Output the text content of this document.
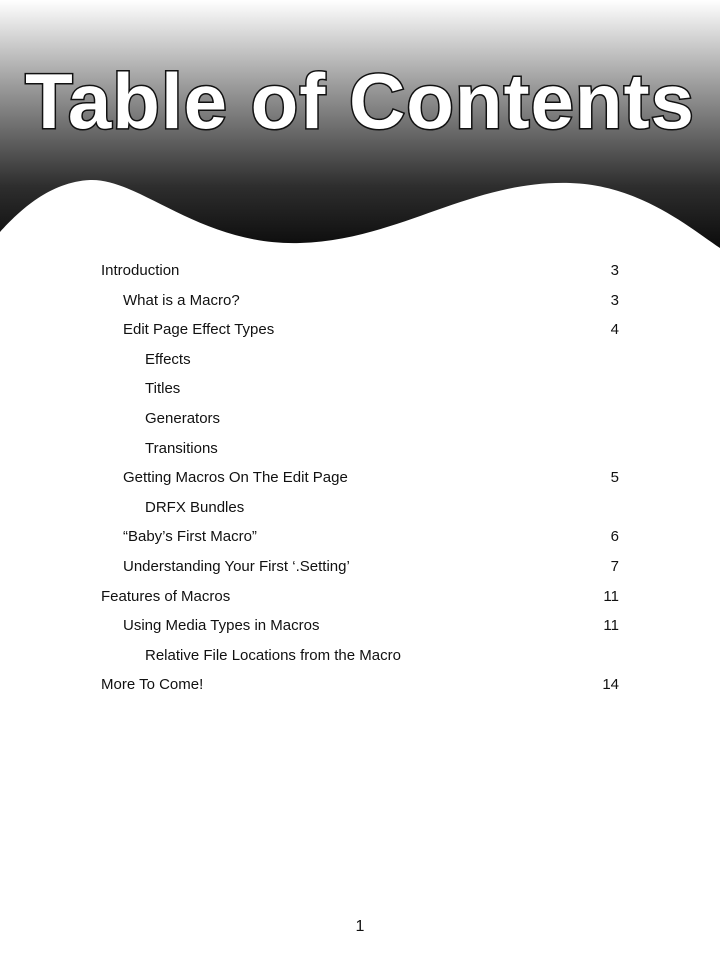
Table of Contents
Introduction	3
What is a Macro?	3
Edit Page Effect Types	4
Effects
Titles
Generators
Transitions
Getting Macros On The Edit Page	5
DRFX Bundles
“Baby’s First Macro”	6
Understanding Your First ‘.Setting’	7
Features of Macros	11
Using Media Types in Macros	11
Relative File Locations from the Macro
More To Come!	14
1
